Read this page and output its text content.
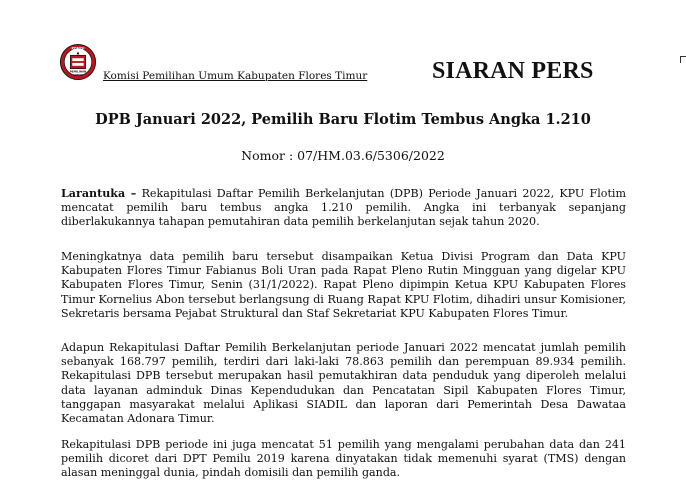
KOMISI
PEMILIHAN
UMUM Komisi Pemilihan Umum Kabupaten Flores Timur	SIARAN PERS
DPB Januari 2022, Pemilih Baru Flotim Tembus Angka 1.210
Nomor : 07/HM.03.6/5306/2022

Larantuka – Rekapitulasi Daftar Pemilih Berkelanjutan (DPB) Periode Januari 2022, KPU Flotim mencatat pemilih baru tembus angka 1.210 pemilih. Angka ini terbanyak sepanjang diberlakukannya tahapan pemutahiran data pemilih berkelanjutan sejak tahun 2020.

Meningkatnya data pemilih baru tersebut disampaikan Ketua Divisi Program dan Data KPU Kabupaten Flores Timur Fabianus Boli Uran pada Rapat Pleno Rutin Mingguan yang digelar KPU Kabupaten Flores Timur, Senin (31/1/2022). Rapat Pleno dipimpin Ketua KPU Kabupaten Flores Timur Kornelius Abon tersebut berlangsung di Ruang Rapat KPU Flotim, dihadiri unsur Komisioner, Sekretaris bersama Pejabat Struktural dan Staf Sekretariat KPU Kabupaten Flores Timur.

Adapun Rekapitulasi Daftar Pemilih Berkelanjutan periode Januari 2022 mencatat jumlah pemilih sebanyak 168.797 pemilih, terdiri dari laki-laki 78.863 pemilih dan perempuan 89.934 pemilih. Rekapitulasi DPB tersebut merupakan hasil pemutakhiran data penduduk yang diperoleh melalui data layanan adminduk Dinas Kependudukan dan Pencatatan Sipil Kabupaten Flores Timur, tanggapan masyarakat melalui Aplikasi SIADIL dan laporan dari Pemerintah Desa Dawataa Kecamatan Adonara Timur.

Rekapitulasi DPB periode ini juga mencatat 51 pemilih yang mengalami perubahan data dan 241 pemilih dicoret dari DPT Pemilu 2019 karena dinyatakan tidak memenuhi syarat (TMS) dengan alasan meninggal dunia, pindah domisili dan pemilih ganda.
